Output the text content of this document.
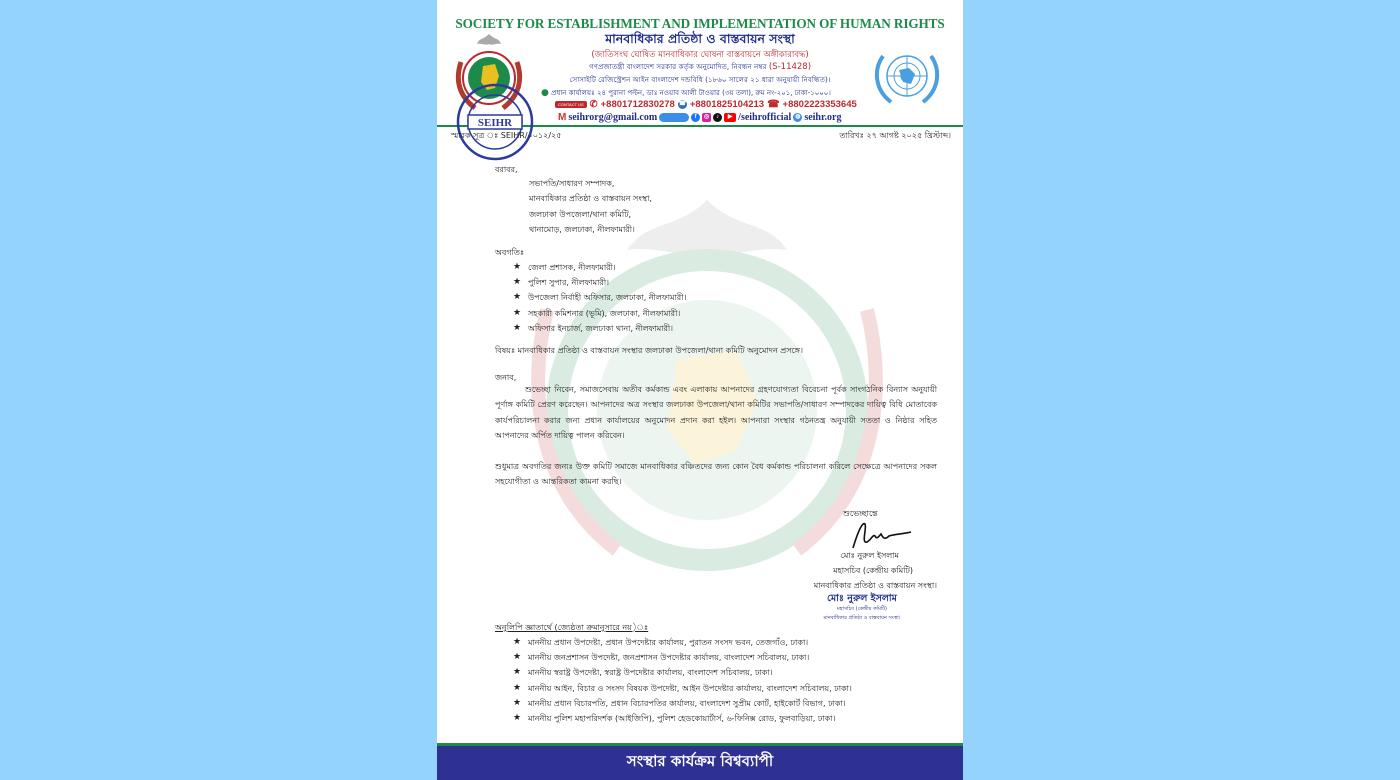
SOCIETY FOR ESTABLISHMENT AND IMPLEMENTATION OF HUMAN RIGHTS
মানবাধিকার প্রতিষ্ঠা ও বাস্তবায়ন সংস্থা
(জাতিসংঘ ঘোষিত মানবাধিকার ঘোষনা বাস্তবায়নে অঙ্গীকারাবদ্ধ)
গণপ্রজাতন্ত্রী বাংলাদেশ সরকার কর্তৃক অনুমোদিত, নিবন্ধন নম্বর (S-11428)
সোসাইটি রেজিস্ট্রেশন আইন বাংলাদেশ দন্ডবিধি (১৮৬০ সালের ২১ ধারা অনুযায়ী নিবন্ধিত)।
● প্রধান কার্যালয়ঃ ২৪ পুরানা পল্টন, ডাঃ নওয়াব আলী টাওয়ার (৩য় তলা), রুম নং-২০১, ঢাকা-১০০০।
CONTACT US ✆ +8801712830278 ☎ +8801825104213 ☎ +8802223353645
M seihrorg@gmail.com	f	◎	♪	▶ /seihrofficial ◍ seihr.org
SEIHR
স্মারক সূত্র ঃ SEIHR/০০১২/২৫	তারিখঃ ২৭ আগষ্ট ২০২৫ খ্রিস্টাব্দ।
বরাবর,
সভাপতি/সাধারণ সম্পাদক,
মানবাধিকার প্রতিষ্ঠা ও বাস্তবায়ন সংস্থা,
জলঢাকা উপজেলা/থানা কমিটি,
থানামোড়, জলঢাকা, নীলফামারী।
অবগতিঃ
★ জেলা প্রশাসক, নীলফামারী।
★ পুলিশ সুপার, নীলফামারী।
★ উপজেলা নির্বাহী অফিসার, জলঢাকা, নীলফামারী।
★ সহকারী কমিশনার (ভূমি), জলঢাকা, নীলফামারী।
★ অফিসার ইনচার্জ, জলঢাকা থানা, নীলফামারী।
বিষয়ঃ মানবাধিকার প্রতিষ্ঠা ও বাস্তবায়ন সংস্থার জলঢাকা উপজেলা/থানা কমিটি অনুমোদন প্রসঙ্গে।
জনাব,
শুভেচ্ছা নিবেন, সমাজসেবায় অতীব কর্মকান্ড এবং এলাকায় আপনাদের গ্রহণযোগ্যতা বিবেচনা পূর্বক সাংগঠনিক বিন্যাস অনুযায়ী পূর্ণাঙ্গ কমিটি প্রেরণ করেছেন। আপনাদের অত্র সংস্থার জলঢাকা উপজেলা/থানা কমিটির সভাপতি/সাধারণ সম্পাদকের দায়িত্ব বিধি মোতাবেক কার্যপরিচালনা করার জন্য প্রধান কার্যালয়ের অনুমোদন প্রদান করা হইল। আপনারা সংস্থার গঠনতন্ত্র অনুযায়ী সততা ও নিষ্ঠার সহিত আপনাদের অর্পিত দায়িত্ব পালন করিবেন।
শুধুমাত্র অবগতির জন্যঃ উক্ত কমিটি সমাজে মানবাধিকার বঞ্চিতদের জন্য কোন বৈধ কর্মকান্ড পরিচালনা করিলে সেক্ষেত্রে আপনাদের সকল সহযোগীতা ও আন্তরিকতা কামনা করছি।
শুভেচ্ছান্তে
মোঃ নুরুল ইসলাম
মহাসচিব (কেন্দ্রীয় কমিটি)
মানবাধিকার প্রতিষ্ঠা ও বাস্তবায়ন সংস্থা।
মোঃ নুরুল ইসলাম
মহাসচিব (কেন্দ্রীয় কমিটি)
মানবাধিকার প্রতিষ্ঠা ও বাস্তবায়ন সংস্থা।
অনুলিপি জ্ঞাতার্থে (জ্যেষ্ঠতা ক্রমানুসারে নয়)ঃ
★ মাননীয় প্রধান উপদেষ্টা, প্রধান উপদেষ্টার কার্যালয়, পুরাতন সংসদ ভবন, তেজগাঁও, ঢাকা।
★ মাননীয় জনপ্রশাসন উপদেষ্টা, জনপ্রশাসন উপদেষ্টার কার্যালয়, বাংলাদেশ সচিবালয়, ঢাকা।
★ মাননীয় স্বরাষ্ট্র উপদেষ্টা, স্বরাষ্ট্র উপদেষ্টার কার্যালয়, বাংলাদেশ সচিবালয়, ঢাকা।
★ মাননীয় আইন, বিচার ও সংসদ বিষয়ক উপদেষ্টা, আইন উপদেষ্টার কার্যালয়, বাংলাদেশ সচিবালয়, ঢাকা।
★ মাননীয় প্রধান বিচারপতি, প্রধান বিচারপতির কার্যালয়, বাংলাদেশ সুপ্রীম কোর্ট, হাইকোর্ট বিভাগ, ঢাকা।
★ মাননীয় পুলিশ মহাপরিদর্শক (আইজিপি), পুলিশ হেডকোয়ার্টার্স, ৬-ফিনিক্স রোড, ফুলবাড়িয়া, ঢাকা।
সংস্থার কার্যক্রম বিশ্বব্যাপী
